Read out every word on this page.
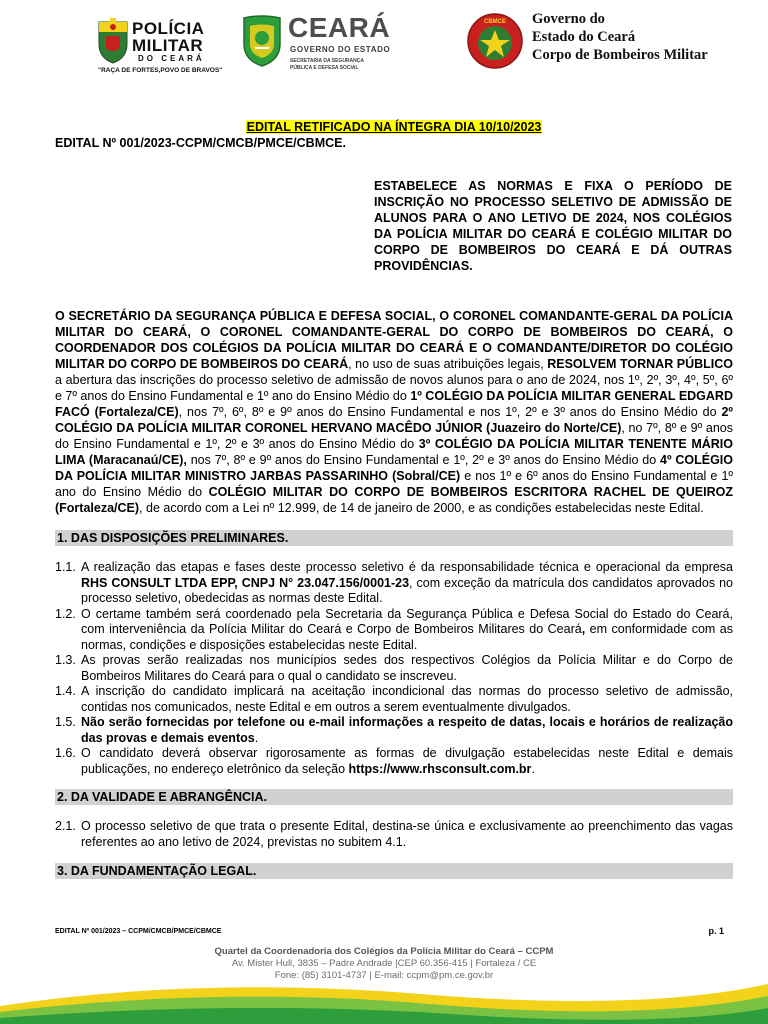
POLÍCIA
MILITAR
DO CEARÁ
"RAÇA DE FORTES,POVO DE BRAVOS"
CEARÁ
GOVERNO DO ESTADO
SECRETARIA DA SEGURANÇA
PÚBLICA E DEFESA SOCIAL
CBMCE Governo do
Estado do Ceará
Corpo de Bombeiros Militar
EDITAL RETIFICADO NA ÍNTEGRA DIA 10/10/2023
EDITAL Nº 001/2023-CCPM/CMCB/PMCE/CBMCE.
ESTABELECE AS NORMAS E FIXA O PERÍODO DE INSCRIÇÃO NO PROCESSO SELETIVO DE ADMISSÃO DE ALUNOS PARA O ANO LETIVO DE 2024, NOS COLÉGIOS DA POLÍCIA MILITAR DO CEARÁ E COLÉGIO MILITAR DO CORPO DE BOMBEIROS DO CEARÁ E DÁ OUTRAS PROVIDÊNCIAS.
O SECRETÁRIO DA SEGURANÇA PÚBLICA E DEFESA SOCIAL, O CORONEL COMANDANTE-GERAL DA POLÍCIA MILITAR DO CEARÁ, O CORONEL COMANDANTE-GERAL DO CORPO DE BOMBEIROS DO CEARÁ, O COORDENADOR DOS COLÉGIOS DA POLÍCIA MILITAR DO CEARÁ E O COMANDANTE/DIRETOR DO COLÉGIO MILITAR DO CORPO DE BOMBEIROS DO CEARÁ, no uso de suas atribuições legais, RESOLVEM TORNAR PÚBLICO a abertura das inscrições do processo seletivo de admissão de novos alunos para o ano de 2024, nos 1º, 2º, 3º, 4º, 5º, 6º e 7º anos do Ensino Fundamental e 1º ano do Ensino Médio do 1º COLÉGIO DA POLÍCIA MILITAR GENERAL EDGARD FACÓ (Fortaleza/CE), nos 7º, 6º, 8º e 9º anos do Ensino Fundamental e nos 1º, 2º e 3º anos do Ensino Médio do 2º COLÉGIO DA POLÍCIA MILITAR CORONEL HERVANO MACÊDO JÚNIOR (Juazeiro do Norte/CE), no 7º, 8º e 9º anos do Ensino Fundamental e 1º, 2º e 3º anos do Ensino Médio do 3º COLÉGIO DA POLÍCIA MILITAR TENENTE MÁRIO LIMA (Maracanaú/CE), nos 7º, 8º e 9º anos do Ensino Fundamental e 1º, 2º e 3º anos do Ensino Médio do 4º COLÉGIO DA POLÍCIA MILITAR MINISTRO JARBAS PASSARINHO (Sobral/CE) e nos 1º e 6º anos do Ensino Fundamental e 1º ano do Ensino Médio do COLÉGIO MILITAR DO CORPO DE BOMBEIROS ESCRITORA RACHEL DE QUEIROZ (Fortaleza/CE), de acordo com a Lei nº 12.999, de 14 de janeiro de 2000, e as condições estabelecidas neste Edital.
1. DAS DISPOSIÇÕES PRELIMINARES.
1.1. A realização das etapas e fases deste processo seletivo é da responsabilidade técnica e operacional da empresa RHS CONSULT LTDA EPP, CNPJ N° 23.047.156/0001-23, com exceção da matrícula dos candidatos aprovados no processo seletivo, obedecidas as normas deste Edital.
1.2. O certame também será coordenado pela Secretaria da Segurança Pública e Defesa Social do Estado do Ceará, com interveniência da Polícia Militar do Ceará e Corpo de Bombeiros Militares do Ceará, em conformidade com as normas, condições e disposições estabelecidas neste Edital.
1.3. As provas serão realizadas nos municípios sedes dos respectivos Colégios da Polícia Militar e do Corpo de Bombeiros Militares do Ceará para o qual o candidato se inscreveu.
1.4. A inscrição do candidato implicará na aceitação incondicional das normas do processo seletivo de admissão, contidas nos comunicados, neste Edital e em outros a serem eventualmente divulgados.
1.5. Não serão fornecidas por telefone ou e-mail informações a respeito de datas, locais e horários de realização das provas e demais eventos.
1.6. O candidato deverá observar rigorosamente as formas de divulgação estabelecidas neste Edital e demais publicações, no endereço eletrônico da seleção https://www.rhsconsult.com.br.
2. DA VALIDADE E ABRANGÊNCIA.
2.1. O processo seletivo de que trata o presente Edital, destina-se única e exclusivamente ao preenchimento das vagas referentes ao ano letivo de 2024, previstas no subitem 4.1.
3. DA FUNDAMENTAÇÃO LEGAL.
EDITAL Nº 001/2023 – CCPM/CMCB/PMCE/CBMCE	p. 1
Quartel da Coordenadoria dos Colégios da Polícia Militar do Ceará – CCPM
Av. Mister Hull, 3835 – Padre Andrade |CEP 60.356-415 | Fortaleza / CE
Fone: (85) 3101-4737 | E-mail: ccpm@pm.ce.gov.br
